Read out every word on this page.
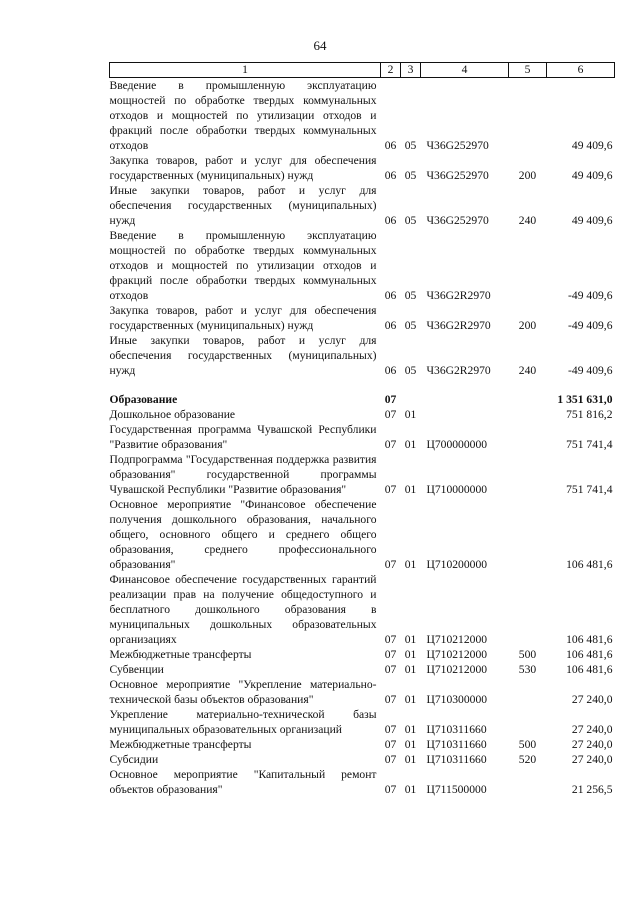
64
1	2	3	4	5	6
Введение в промышленную эксплуатацию мощностей по обработке твердых коммунальных отходов и мощностей по утилизации отходов и фракций после обработки твердых коммунальных отходов	06	05	Ч36G252970		49 409,6
Закупка товаров, работ и услуг для обеспечения государственных (муниципальных) нужд	06	05	Ч36G252970	200	49 409,6
Иные закупки товаров, работ и услуг для обеспечения государственных (муниципальных) нужд	06	05	Ч36G252970	240	49 409,6
Введение в промышленную эксплуатацию мощностей по обработке твердых коммунальных отходов и мощностей по утилизации отходов и фракций после обработки твердых коммунальных отходов	06	05	Ч36G2R2970		-49 409,6
Закупка товаров, работ и услуг для обеспечения государственных (муниципальных) нужд	06	05	Ч36G2R2970	200	-49 409,6
Иные закупки товаров, работ и услуг для обеспечения государственных (муниципальных) нужд	06	05	Ч36G2R2970	240	-49 409,6

Образование	07				1 351 631,0
Дошкольное образование	07	01			751 816,2
Государственная программа Чувашской Республики "Развитие образования"	07	01	Ц700000000		751 741,4
Подпрограмма "Государственная поддержка развития образования" государственной программы Чувашской Республики "Развитие образования"	07	01	Ц710000000		751 741,4
Основное мероприятие "Финансовое обеспечение получения дошкольного образования, начального общего, основного общего и среднего общего образования, среднего профессионального образования"	07	01	Ц710200000		106 481,6
Финансовое обеспечение государственных гарантий реализации прав на получение общедоступного и бесплатного дошкольного образования в муниципальных дошкольных образовательных организациях	07	01	Ц710212000		106 481,6
Межбюджетные трансферты	07	01	Ц710212000	500	106 481,6
Субвенции	07	01	Ц710212000	530	106 481,6
Основное мероприятие "Укрепление материально-технической базы объектов образования"	07	01	Ц710300000		27 240,0
Укрепление материально-технической базы муниципальных образовательных организаций	07	01	Ц710311660		27 240,0
Межбюджетные трансферты	07	01	Ц710311660	500	27 240,0
Субсидии	07	01	Ц710311660	520	27 240,0
Основное мероприятие "Капитальный ремонт объектов образования"	07	01	Ц711500000		21 256,5
